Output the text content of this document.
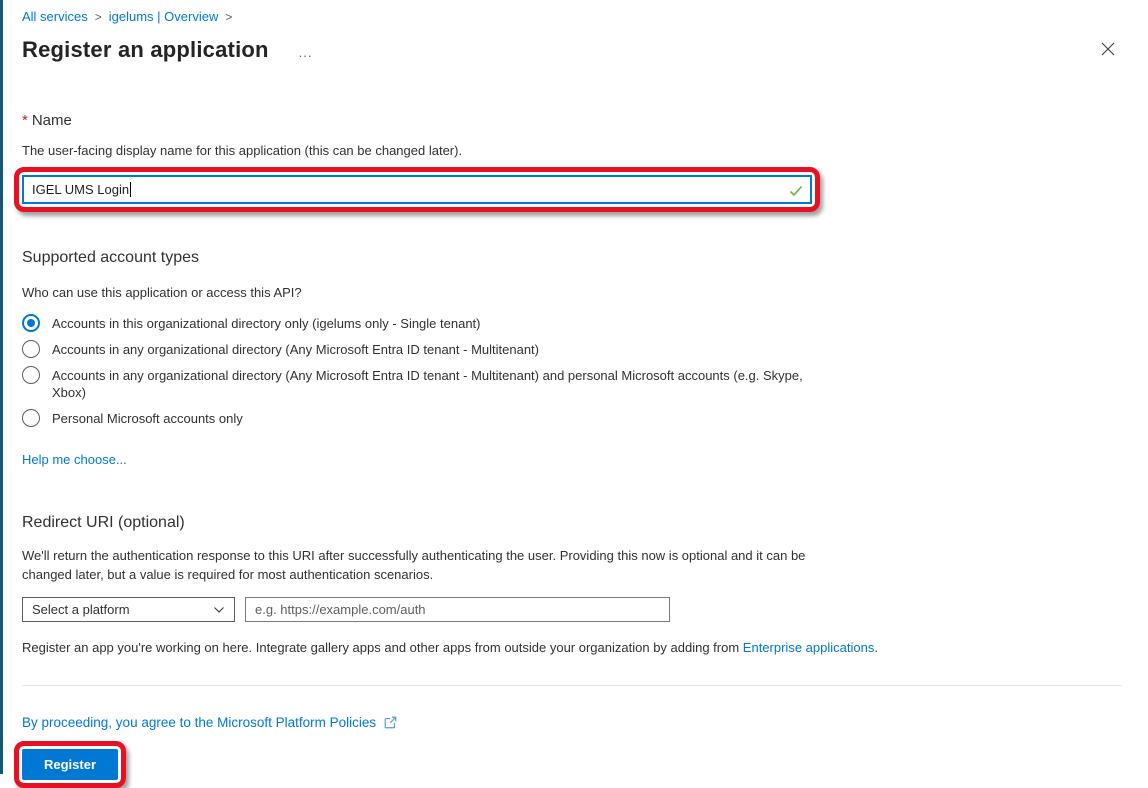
All services > igelums | Overview >
Register an application ...
* Name
The user-facing display name for this application (this can be changed later).
IGEL UMS Login
Supported account types
Who can use this application or access this API?
Accounts in this organizational directory only (igelums only - Single tenant)
Accounts in any organizational directory (Any Microsoft Entra ID tenant - Multitenant)
Accounts in any organizational directory (Any Microsoft Entra ID tenant - Multitenant) and personal Microsoft accounts (e.g. Skype, Xbox)
Personal Microsoft accounts only
Help me choose...
Redirect URI (optional)
We'll return the authentication response to this URI after successfully authenticating the user. Providing this now is optional and it can be changed later, but a value is required for most authentication scenarios.
Select a platform
e.g. https://example.com/auth
Register an app you're working on here. Integrate gallery apps and other apps from outside your organization by adding from Enterprise applications.
By proceeding, you agree to the Microsoft Platform Policies
Register
